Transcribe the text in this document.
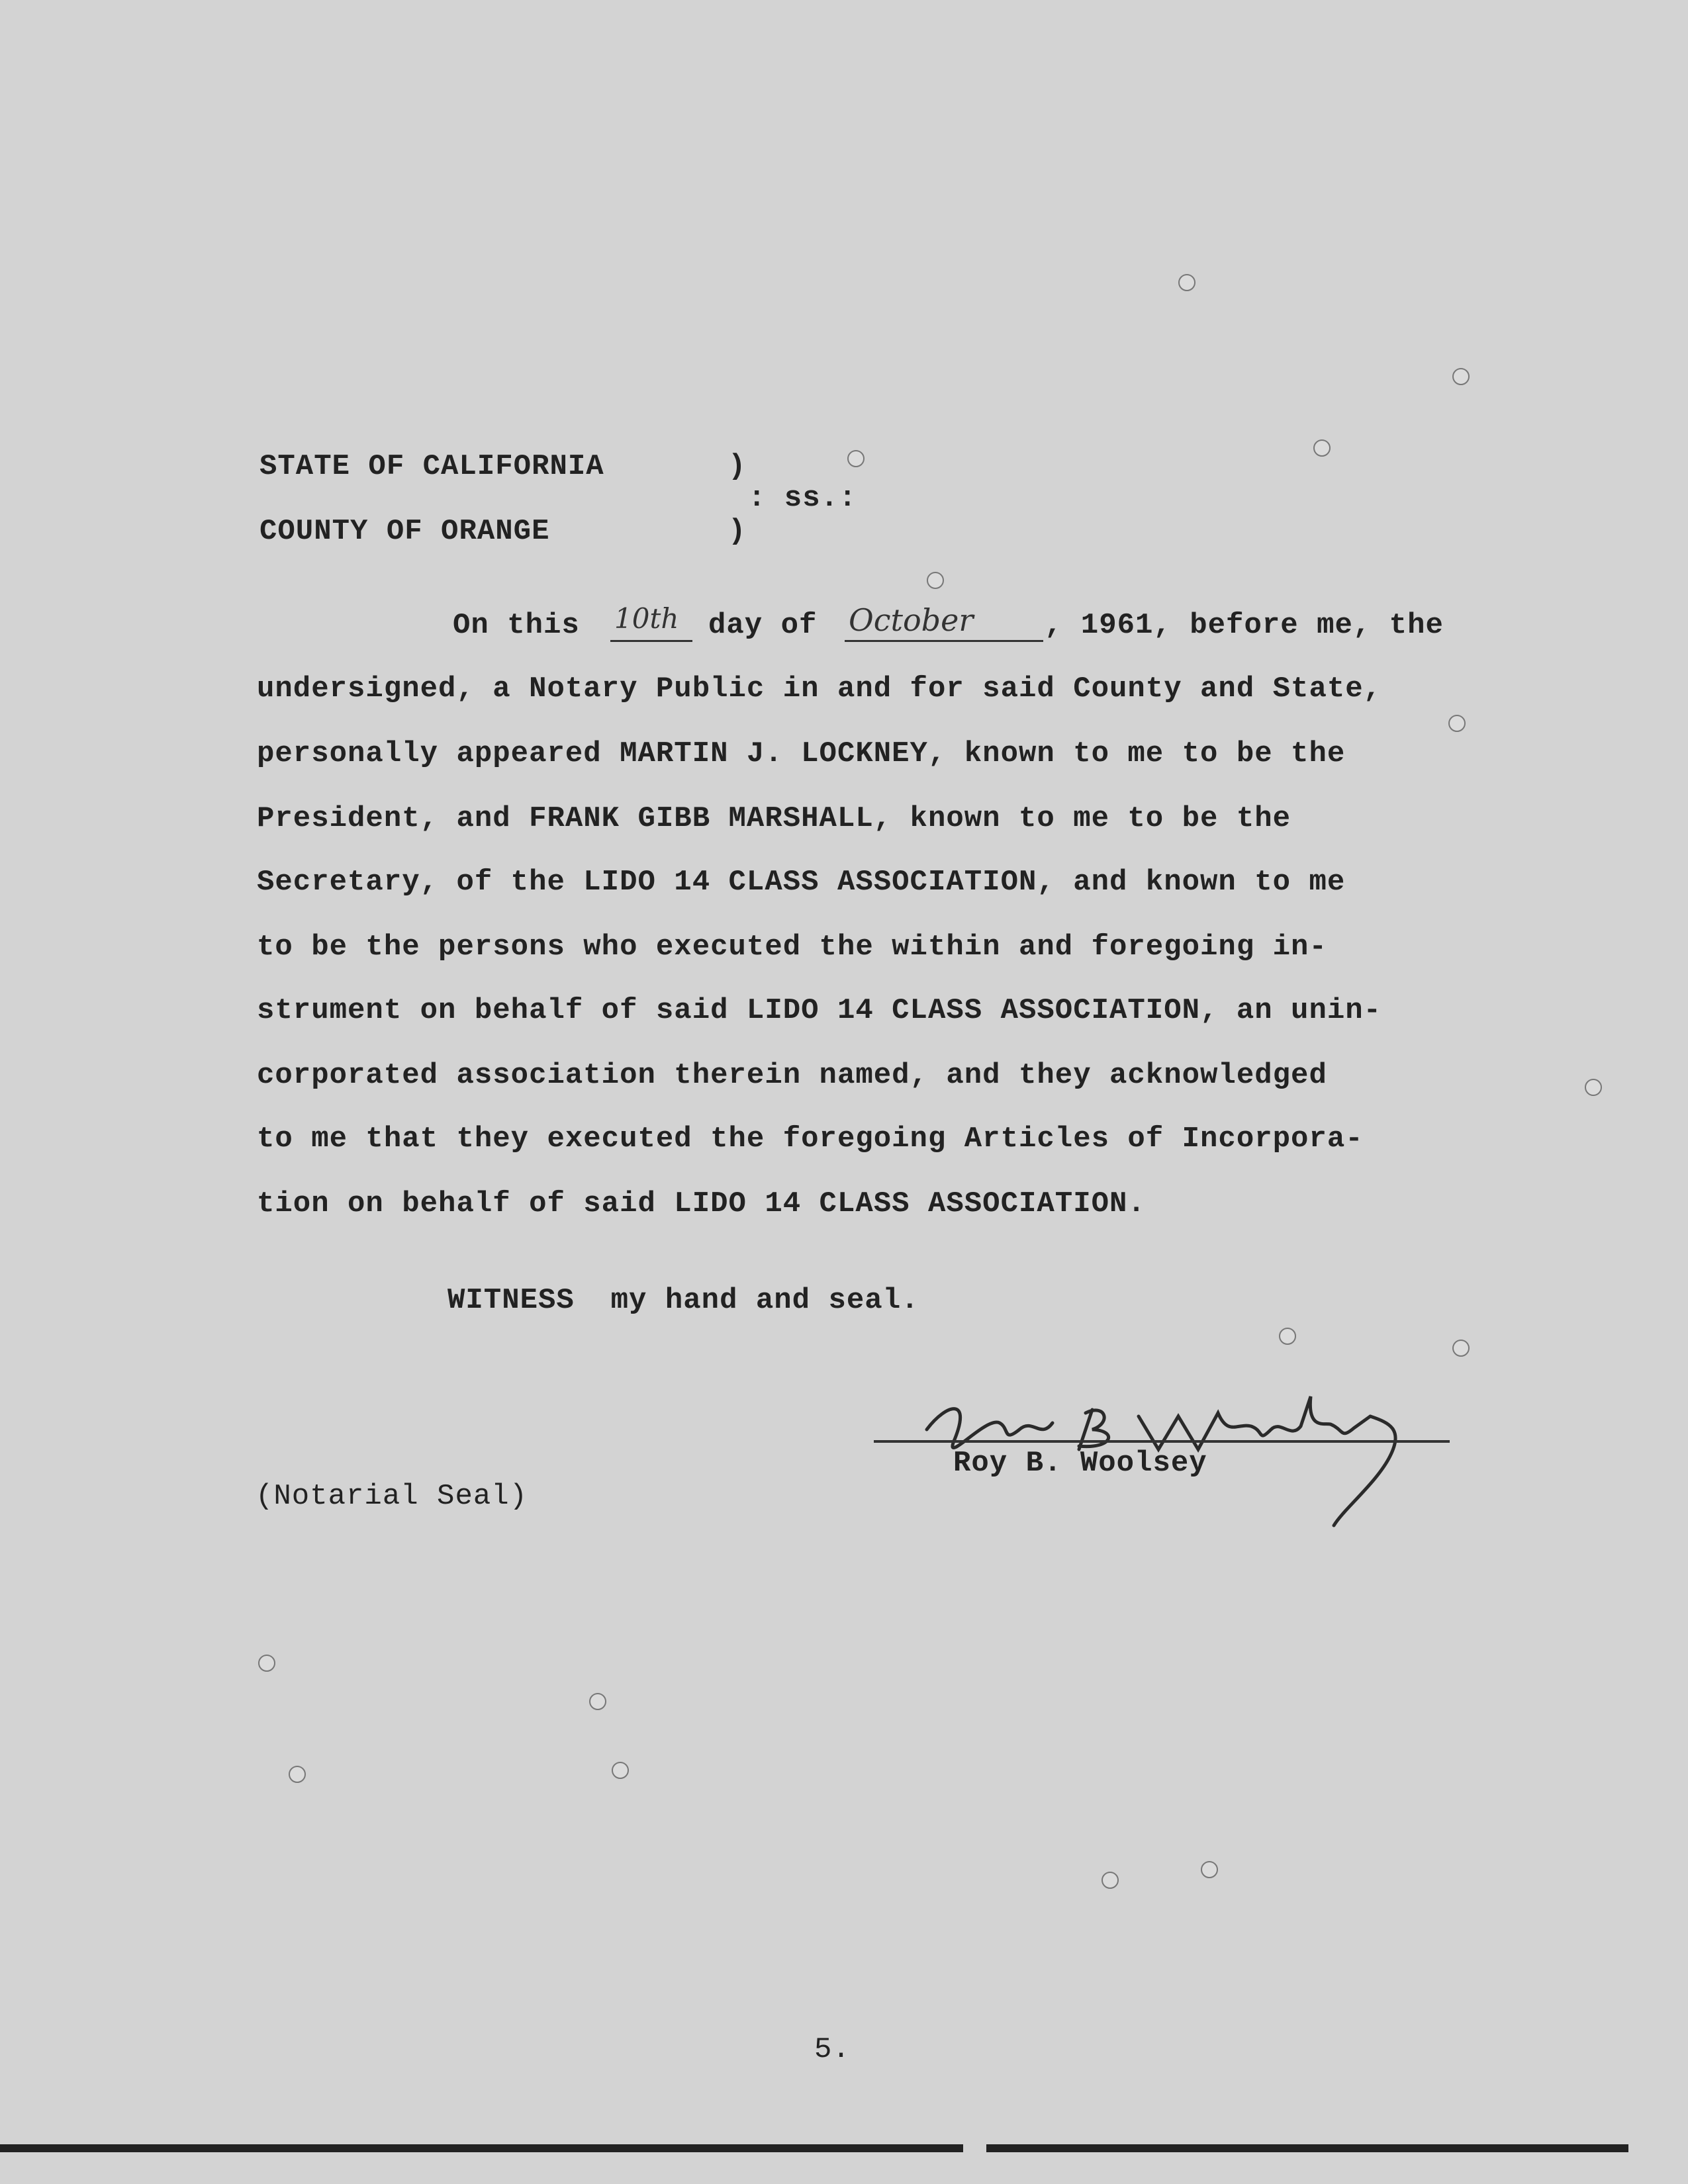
STATE OF CALIFORNIA	)
: ss.:
COUNTY OF ORANGE	)
On this 10th day of October , 1961, before me, the
undersigned, a Notary Public in and for said County and State,
personally appeared MARTIN J. LOCKNEY, known to me to be the
President, and FRANK GIBB MARSHALL, known to me to be the
Secretary, of the LIDO 14 CLASS ASSOCIATION, and known to me
to be the persons who executed the within and foregoing in-
strument on behalf of said LIDO 14 CLASS ASSOCIATION, an unin-
corporated association therein named, and they acknowledged
to me that they executed the foregoing Articles of Incorpora-
tion on behalf of said LIDO 14 CLASS ASSOCIATION.
WITNESS  my hand and seal.
Roy B. Woolsey
(Notarial Seal)
5.
